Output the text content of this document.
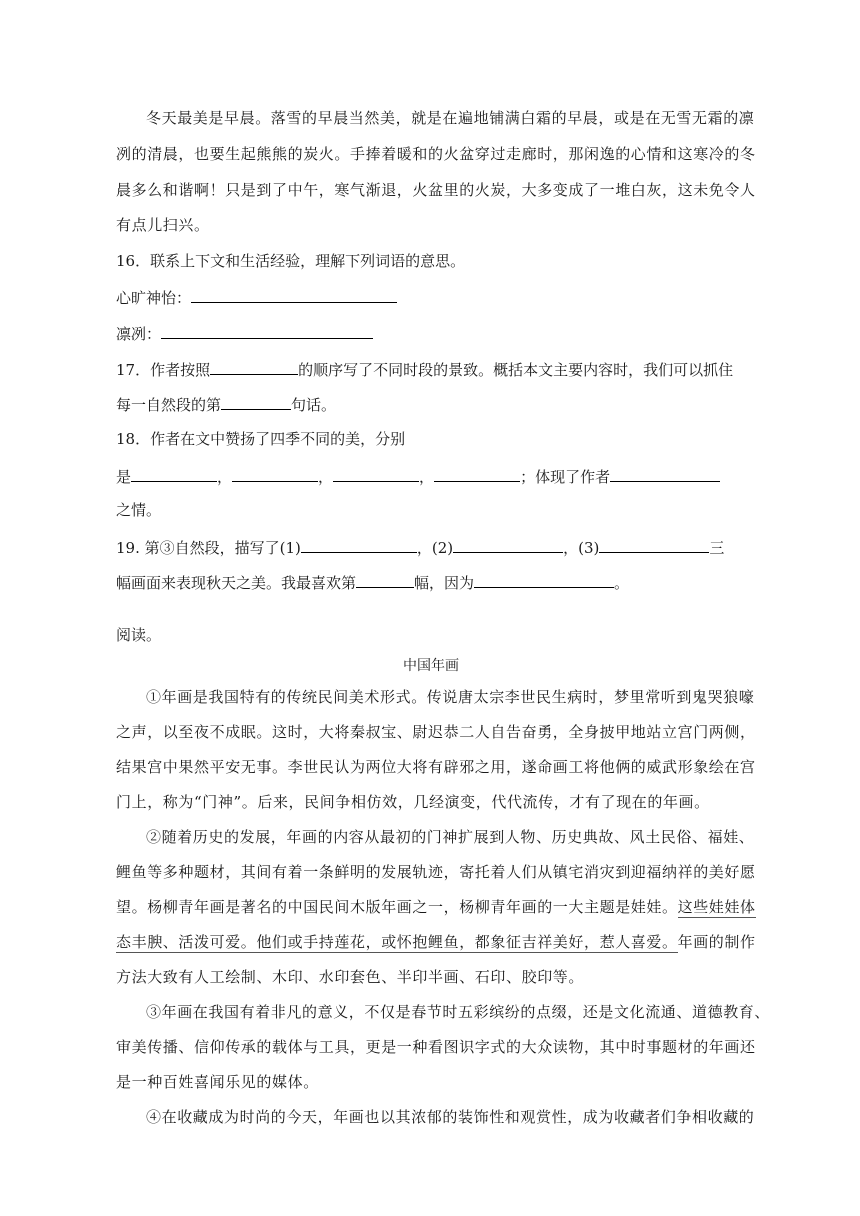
冬天最美是早晨。落雪的早晨当然美，就是在遍地铺满白霜的早晨，或是在无雪无霜的凛
冽的清晨，也要生起熊熊的炭火。手捧着暖和的火盆穿过走廊时，那闲逸的心情和这寒冷的冬
晨多么和谐啊！只是到了中午，寒气渐退，火盆里的火炭，大多变成了一堆白灰，这未免令人
有点儿扫兴。
16．联系上下文和生活经验，理解下列词语的意思。
心旷神怡：
凛冽：
17．作者按照	的顺序写了不同时段的景致。概括本文主要内容时，我们可以抓住
每一自然段的第	句话。
18．作者在文中赞扬了四季不同的美，分别
是	，	，	，	；体现了作者
之情。
19. 第③自然段，描写了(1)	，(2)	，(3)	三
幅画面来表现秋天之美。我最喜欢第	幅，因为	。
阅读。
中国年画
①年画是我国特有的传统民间美术形式。传说唐太宗李世民生病时，梦里常听到鬼哭狼嚎
之声，以至夜不成眠。这时，大将秦叔宝、尉迟恭二人自告奋勇，全身披甲地站立宫门两侧，
结果宫中果然平安无事。李世民认为两位大将有辟邪之用，遂命画工将他俩的威武形象绘在宫
门上，称为“门神”。后来，民间争相仿效，几经演变，代代流传，才有了现在的年画。
②随着历史的发展，年画的内容从最初的门神扩展到人物、历史典故、风土民俗、福娃、
鲤鱼等多种题材，其间有着一条鲜明的发展轨迹，寄托着人们从镇宅消灾到迎福纳祥的美好愿
望。杨柳青年画是著名的中国民间木版年画之一，杨柳青年画的一大主题是娃娃。这些娃娃体
态丰腴、活泼可爱。他们或手持莲花，或怀抱鲤鱼，都象征吉祥美好，惹人喜爱。年画的制作
方法大致有人工绘制、木印、水印套色、半印半画、石印、胶印等。
③年画在我国有着非凡的意义，不仅是春节时五彩缤纷的点缀，还是文化流通、道德教育、
审美传播、信仰传承的载体与工具，更是一种看图识字式的大众读物，其中时事题材的年画还
是一种百姓喜闻乐见的媒体。
④在收藏成为时尚的今天，年画也以其浓郁的装饰性和观赏性，成为收藏者们争相收藏的
